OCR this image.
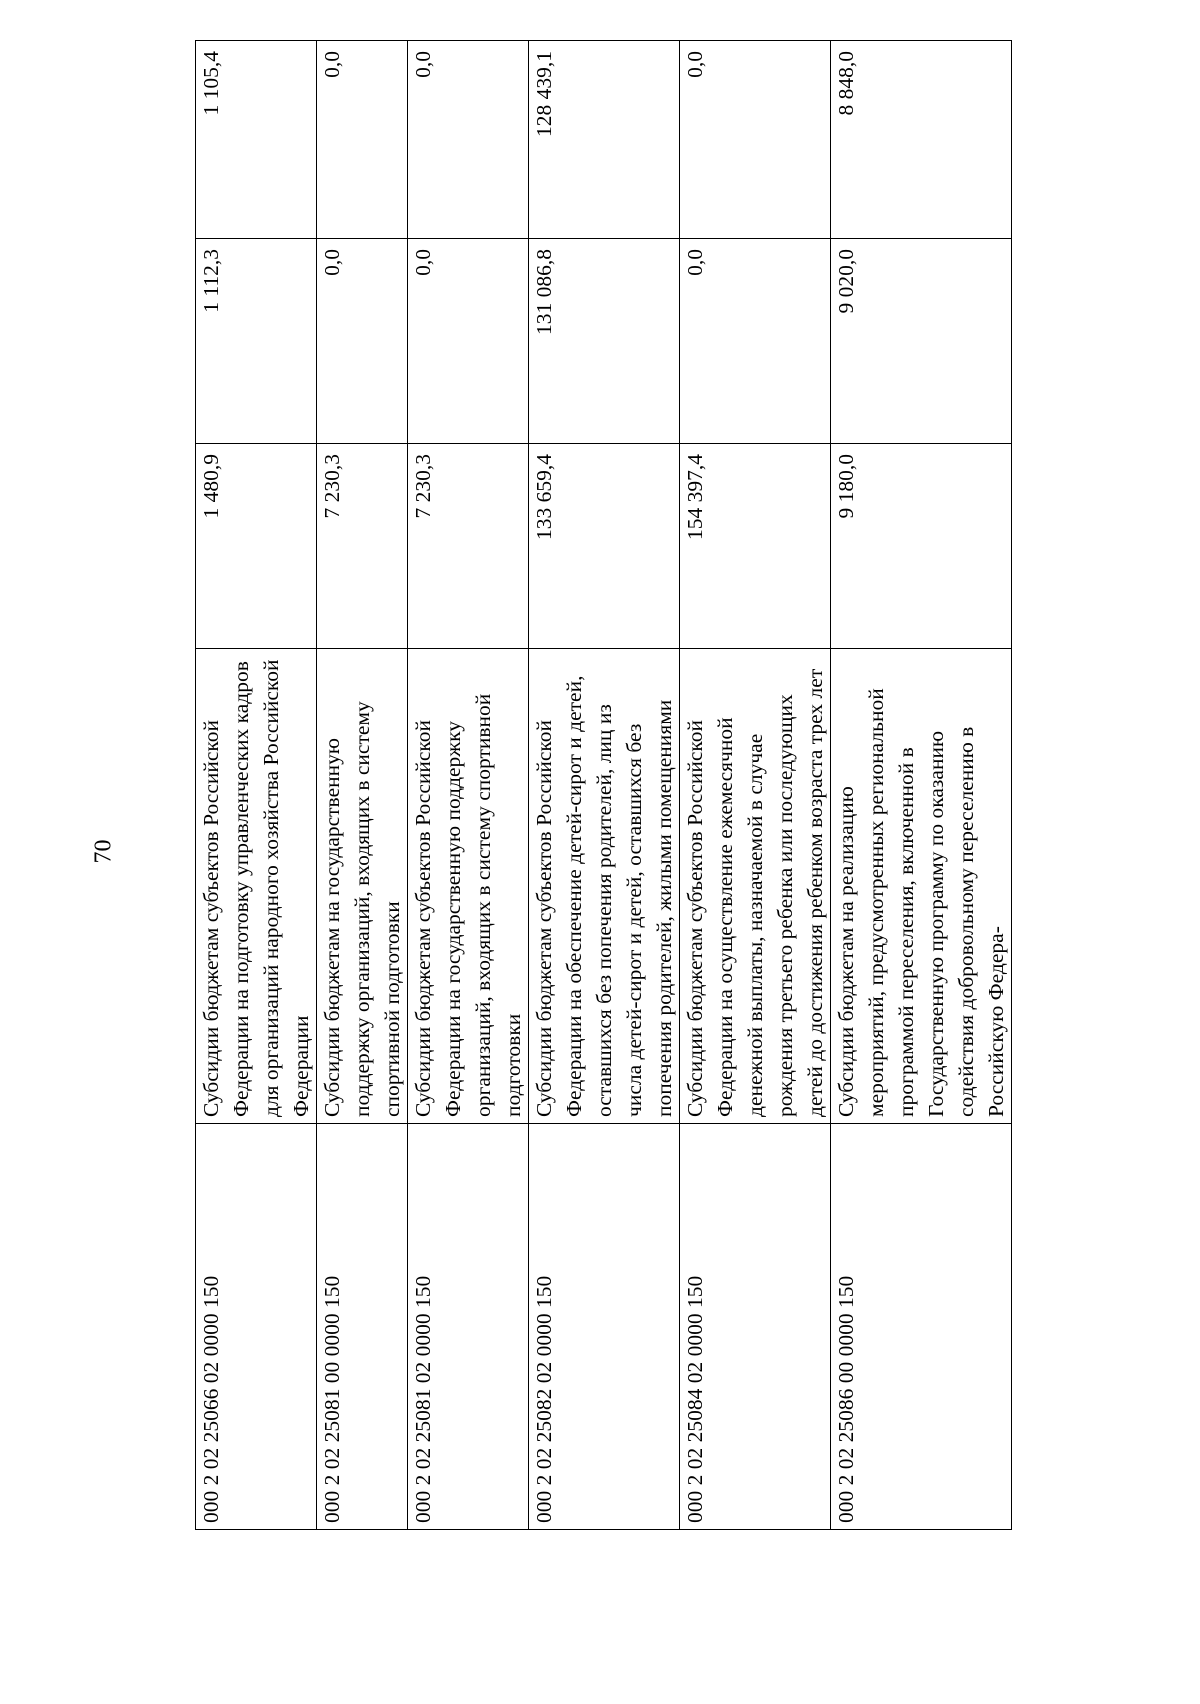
70
000 2 02 25066 02 0000 150	Субсидии бюджетам субъектов Российской Федерации на подготовку управленческих кадров для организаций народного хозяйства Российской Федерации	1 480,9	1 112,3	1 105,4
000 2 02 25081 00 0000 150	Субсидии бюджетам на государственную поддержку организаций, входящих в систему спортивной подготовки	7 230,3	0,0	0,0
000 2 02 25081 02 0000 150	Субсидии бюджетам субъектов Российской Федерации на государственную поддержку организаций, входящих в систему спортивной подготовки	7 230,3	0,0	0,0
000 2 02 25082 02 0000 150	Субсидии бюджетам субъектов Российской Федерации на обеспечение детей-сирот и детей, оставшихся без попечения родителей, лиц из числа детей-сирот и детей, оставшихся без попечения родителей, жилыми помещениями	133 659,4	131 086,8	128 439,1
000 2 02 25084 02 0000 150	Субсидии бюджетам субъектов Российской Федерации на осуществление ежемесячной денежной выплаты, назначаемой в случае рождения третьего ребенка или последующих детей до достижения ребенком возраста трех лет	154 397,4	0,0	0,0
000 2 02 25086 00 0000 150	Субсидии бюджетам на реализацию мероприятий, предусмотренных региональной программой переселения, включенной в Государственную программу по оказанию содействия добровольному переселению в Российскую Федера-	9 180,0	9 020,0	8 848,0
